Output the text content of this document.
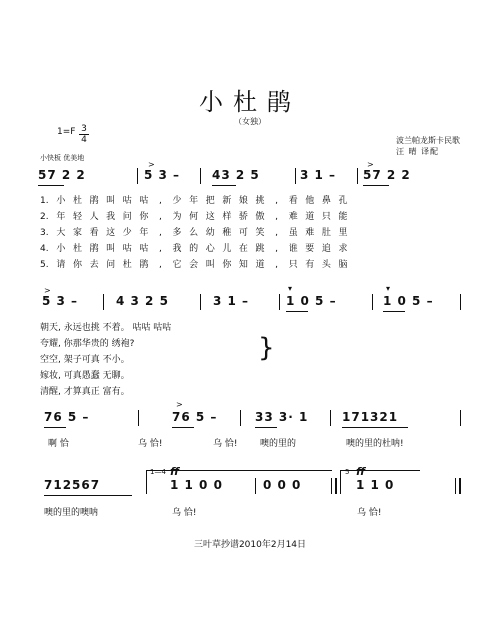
小杜鹃
（女独）
$1=F \frac{3}{4}$
小快板 优美地
波兰帕龙斯卡民歌
汪 晴 译配
>	>
57 2 2	5 3 –	43 2 5	3 1 – 57 2 2
1. 小 杜 鹃 叫 咕 咕 , 少 年 把 新 娘 挑 , 看 他 鼻 孔
2. 年 轻 人 我 问 你 , 为 何 这 样 骄 傲 , 难 道 只 能
3. 大 家 看 这 少 年 , 多 么 幼 稚 可 笑 , 虽 难 肚 里
4. 小 杜 鹃 叫 咕 咕 , 我 的 心 儿 在 跳 , 谁 要 追 求
5. 请 你 去 问 杜 鹃 , 它 会 叫 你 知 道 , 只 有 头 脑
>	▾	▾
5 3 –	4 3 2 5	3 1 –	1 0 5 –	1 0 5 –
朝天, 永远也挑 不着。 咕咕 咕咕
夸耀, 你那华贵的 绣袍?
空空, 架子可真 不小。
嫁妆, 可真愚蠢 无聊。
清醒, 才算真正 富有。
}
>
76 5 –	76 5 –	33 3· 1	171321
啊 恰	乌 恰!	乌 恰!	噢的里的	噢的里的杜呐!
1—4 ff	5 ff
712567	1 1 0 0	0 0 0	1 1 0
噢的里的噢呐	乌 恰!	乌 恰!
三叶草抄谱2010年2月14日
